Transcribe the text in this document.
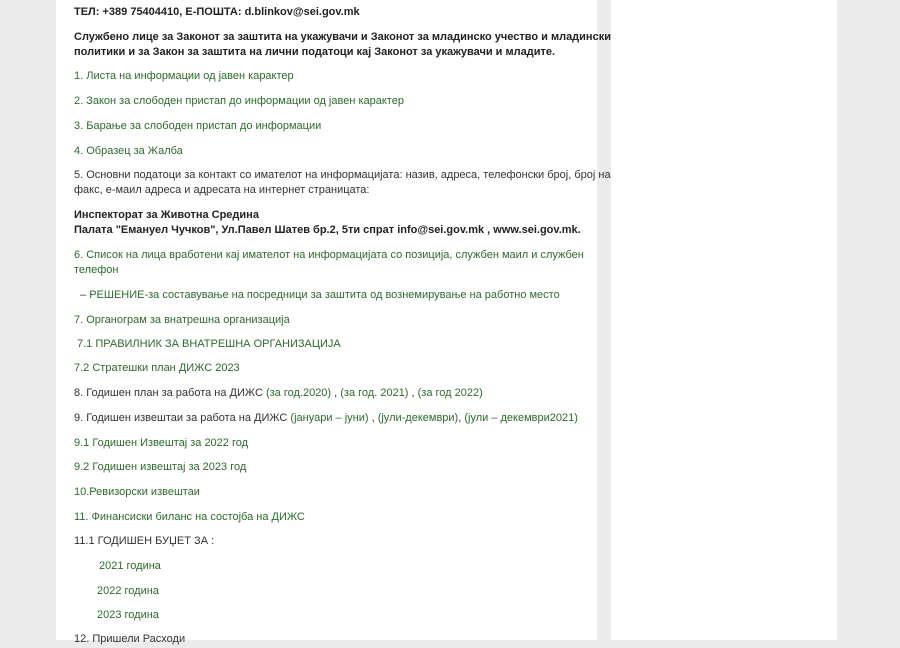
ТЕЛ: +389 75404410, Е-ПОШТА: d.blinkov@sei.gov.mk
Службено лице за Законот за заштита на укажувачи и Законот за младинско учество и младински
политики и за Закон за заштита на лични податоци кај Законот за укажувачи и младите.
1. Листа на информации од јавен карактер
2. Закон за слободен пристап до информации од јавен карактер
3. Барање за слободен пристап до информации
4. Образец за Жалба
5. Основни податоци за контакт со имателот на информацијата: назив, адреса, телефонски број, број на
факс, е-маил адреса и адресата на интернет страницата:
Инспекторат за Животна Средина
Палата "Емануел Чучков", Ул.Павел Шатев бр.2, 5ти спрат info@sei.gov.mk , www.sei.gov.mk.
6. Список на лица вработени кај имателот на информацијата со позиција, службен маил и службен
телефон
– РЕШЕНИЕ-за составување на посредници за заштита од вознемирување на работно место
7. Органограм за внатрешна организација
7.1 ПРАВИЛНИК ЗА ВНАТРЕШНА ОРГАНИЗАЦИЈА
7.2 Стратешки план ДИЖС 2023
8. Годишен план за работа на ДИЖС (за год.2020) , (за год. 2021) , (за год 2022)
9. Годишен извештаи за работа на ДИЖС (јануари – јуни) , (јули-декември), (јули – декември2021)
9.1 Годишен Извештај за 2022 год
9.2 Годишен извештај за 2023 год
10.Ревизорски извештаи
11. Финансиски биланс на состојба на ДИЖС
11.1 ГОДИШЕН БУЏЕТ ЗА :
2021 година
2022 година
2023 година
12. Пришели Расходи
